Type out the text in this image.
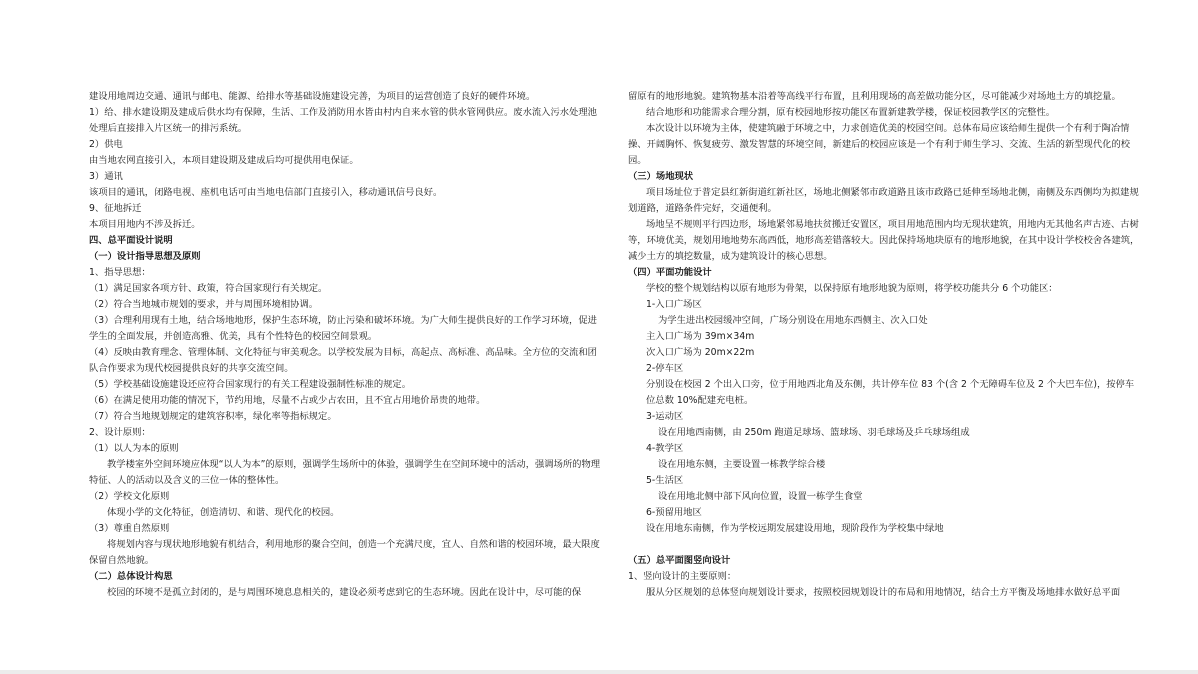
建设用地周边交通、通讯与邮电、能源、给排水等基础设施建设完善，为项目的运营创造了良好的硬件环境。

1）给、排水建设期及建成后供水均有保障，生活、工作及消防用水皆由村内自来水管的供水管网供应。废水流入污水处理池处理后直接排入片区统一的排污系统。

2）供电

由当地农网直接引入，本项目建设期及建成后均可提供用电保证。

3）通讯

该项目的通讯，闭路电视、座机电话可由当地电信部门直接引入，移动通讯信号良好。

9、征地拆迁

本项目用地内不涉及拆迁。

四、总平面设计说明

（一）设计指导思想及原则

1、指导思想：

（1）满足国家各项方针、政策，符合国家现行有关规定。

（2）符合当地城市规划的要求，并与周围环境相协调。

（3）合理利用现有土地，结合场地地形，保护生态环境，防止污染和破坏环境。为广大师生提供良好的工作学习环境，促进学生的全面发展，并创造高雅、优美，具有个性特色的校园空间景观。

（4）反映由教育理念、管理体制、文化特征与审美观念。以学校发展为目标，高起点、高标准、高品味。全方位的交流和团队合作要求为现代校园提供良好的共享交流空间。

（5）学校基础设施建设还应符合国家现行的有关工程建设强制性标准的规定。

（6）在满足使用功能的情况下，节约用地，尽量不占或少占农田，且不宜占用地价昂贵的地带。

（7）符合当地规划规定的建筑容积率，绿化率等指标规定。

2、设计原则：

（1）以人为本的原则

教学楼室外空间环境应体现“以人为本”的原则，强调学生场所中的体验，强调学生在空间环境中的活动，强调场所的物理特征、人的活动以及含义的三位一体的整体性。

（2）学校文化原则

体现小学的文化特征，创造清切、和谐、现代化的校园。

（3）尊重自然原则

将规划内容与现状地形地貌有机结合，利用地形的聚合空间，创造一个充满尺度，宜人、自然和谐的校园环境，最大限度保留自然地貌。

（二）总体设计构思

校园的环境不是孤立封闭的，是与周围环境息息相关的，建设必须考虑到它的生态环境。因此在设计中，尽可能的保

留原有的地形地貌。建筑物基本沿着等高线平行布置，且利用现场的高差做功能分区，尽可能减少对场地土方的填挖量。

结合地形和功能需求合理分割，原有校园地形按功能区布置新建教学楼，保证校园教学区的完整性。

本次设计以环境为主体，使建筑融于环境之中，力求创造优美的校园空间。总体布局应该给师生提供一个有利于陶冶情操、开阔胸怀、恢复疲劳、激发智慧的环境空间，新建后的校园应该是一个有利于师生学习、交流、生活的新型现代化的校园。

（三）场地现状

项目场址位于普定县红新街道红新社区，场地北侧紧邻市政道路且该市政路已延伸至场地北侧，南侧及东西侧均为拟建规划道路，道路条件完好，交通便利。

场地呈不规则平行四边形，场地紧邻易地扶贫搬迁安置区，项目用地范围内均无现状建筑，用地内无其他名声古迹、古树等，环境优美，规划用地地势东高西低，地形高差错落较大。因此保持场地块原有的地形地貌，在其中设计学校校舍各建筑，减少土方的填挖数量，成为建筑设计的核心思想。

（四）平面功能设计

学校的整个规划结构以原有地形为骨架，以保持原有地形地貌为原则，将学校功能共分 6 个功能区：

1-入口广场区

为学生进出校园缓冲空间，广场分别设在用地东西侧主、次入口处

主入口广场为 39m×34m

次入口广场为 20m×22m

2-停车区

分别设在校园 2 个出入口旁，位于用地西北角及东侧，共计停车位 83 个(含 2 个无障碍车位及 2 个大巴车位)，按停车位总数 10%配建充电桩。

3-运动区

设在用地西南侧，由 250m 跑道足球场、篮球场、羽毛球场及乒乓球场组成

4-教学区

设在用地东侧，主要设置一栋教学综合楼

5-生活区

设在用地北侧中部下风向位置，设置一栋学生食堂

6-预留用地区

设在用地东南侧，作为学校远期发展建设用地，现阶段作为学校集中绿地

（五）总平面图竖向设计

1、竖向设计的主要原则：

服从分区规划的总体竖向规划设计要求，按照校园规划设计的布局和用地情况，结合土方平衡及场地排水做好总平面
